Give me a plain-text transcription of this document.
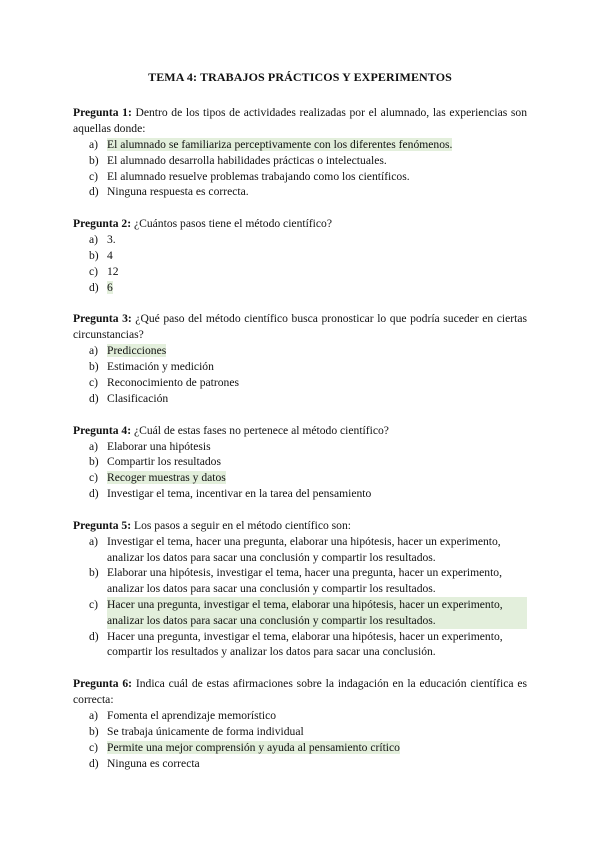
TEMA 4: TRABAJOS PRÁCTICOS Y EXPERIMENTOS

Pregunta 1: Dentro de los tipos de actividades realizadas por el alumnado, las experiencias son aquellas donde:

a) El alumnado se familiariza perceptivamente con los diferentes fenómenos.
b) El alumnado desarrolla habilidades prácticas o intelectuales.
c) El alumnado resuelve problemas trabajando como los científicos.
d) Ninguna respuesta es correcta.

Pregunta 2: ¿Cuántos pasos tiene el método científico?

a) 3.
b) 4
c) 12
d) 6

Pregunta 3: ¿Qué paso del método científico busca pronosticar lo que podría suceder en ciertas circunstancias?

a) Predicciones
b) Estimación y medición
c) Reconocimiento de patrones
d) Clasificación

Pregunta 4: ¿Cuál de estas fases no pertenece al método científico?

a) Elaborar una hipótesis
b) Compartir los resultados
c) Recoger muestras y datos
d) Investigar el tema, incentivar en la tarea del pensamiento

Pregunta 5: Los pasos a seguir en el método científico son:

a) Investigar el tema, hacer una pregunta, elaborar una hipótesis, hacer un experimento, analizar los datos para sacar una conclusión y compartir los resultados.
b) Elaborar una hipótesis, investigar el tema, hacer una pregunta, hacer un experimento, analizar los datos para sacar una conclusión y compartir los resultados.
c) Hacer una pregunta, investigar el tema, elaborar una hipótesis, hacer un experimento, analizar los datos para sacar una conclusión y compartir los resultados.
d) Hacer una pregunta, investigar el tema, elaborar una hipótesis, hacer un experimento, compartir los resultados y analizar los datos para sacar una conclusión.

Pregunta 6: Indica cuál de estas afirmaciones sobre la indagación en la educación científica es correcta:

a) Fomenta el aprendizaje memorístico
b) Se trabaja únicamente de forma individual
c) Permite una mejor comprensión y ayuda al pensamiento crítico
d) Ninguna es correcta
